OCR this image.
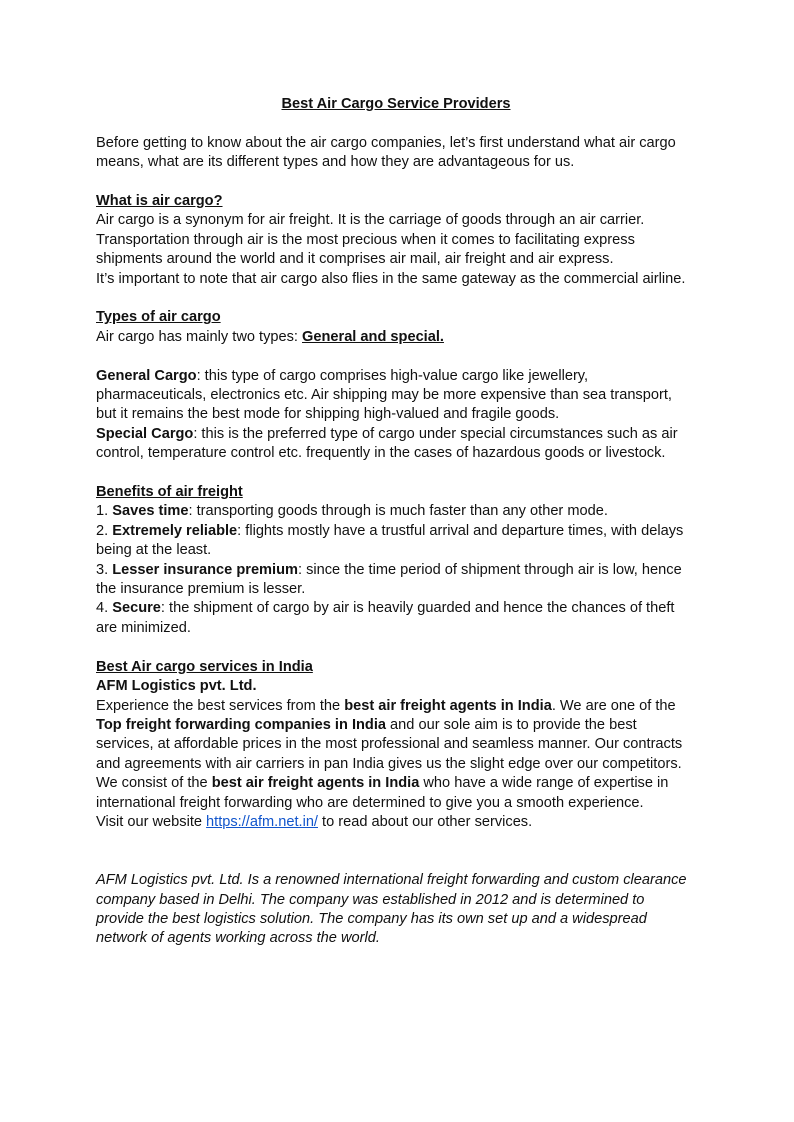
Best Air Cargo Service Providers

Before getting to know about the air cargo companies, let’s first understand what air cargo means, what are its different types and how they are advantageous for us.

What is air cargo?

Air cargo is a synonym for air freight. It is the carriage of goods through an air carrier. Transportation through air is the most precious when it comes to facilitating express shipments around the world and it comprises air mail, air freight and air express.

It’s important to note that air cargo also flies in the same gateway as the commercial airline.

Types of air cargo

Air cargo has mainly two types: General and special.

General Cargo: this type of cargo comprises high-value cargo like jewellery, pharmaceuticals, electronics etc. Air shipping may be more expensive than sea transport, but it remains the best mode for shipping high-valued and fragile goods.

Special Cargo: this is the preferred type of cargo under special circumstances such as air control, temperature control etc. frequently in the cases of hazardous goods or livestock.

Benefits of air freight

1. Saves time: transporting goods through is much faster than any other mode.

2. Extremely reliable: flights mostly have a trustful arrival and departure times, with delays being at the least.

3. Lesser insurance premium: since the time period of shipment through air is low, hence the insurance premium is lesser.

4. Secure: the shipment of cargo by air is heavily guarded and hence the chances of theft are minimized.

Best Air cargo services in India

AFM Logistics pvt. Ltd.

Experience the best services from the best air freight agents in India. We are one of the Top freight forwarding companies in India and our sole aim is to provide the best services, at affordable prices in the most professional and seamless manner. Our contracts and agreements with air carriers in pan India gives us the slight edge over our competitors. We consist of the best air freight agents in India who have a wide range of expertise in international freight forwarding who are determined to give you a smooth experience.

Visit our website https://afm.net.in/ to read about our other services.

AFM Logistics pvt. Ltd. Is a renowned international freight forwarding and custom clearance company based in Delhi. The company was established in 2012 and is determined to provide the best logistics solution. The company has its own set up and a widespread network of agents working across the world.
